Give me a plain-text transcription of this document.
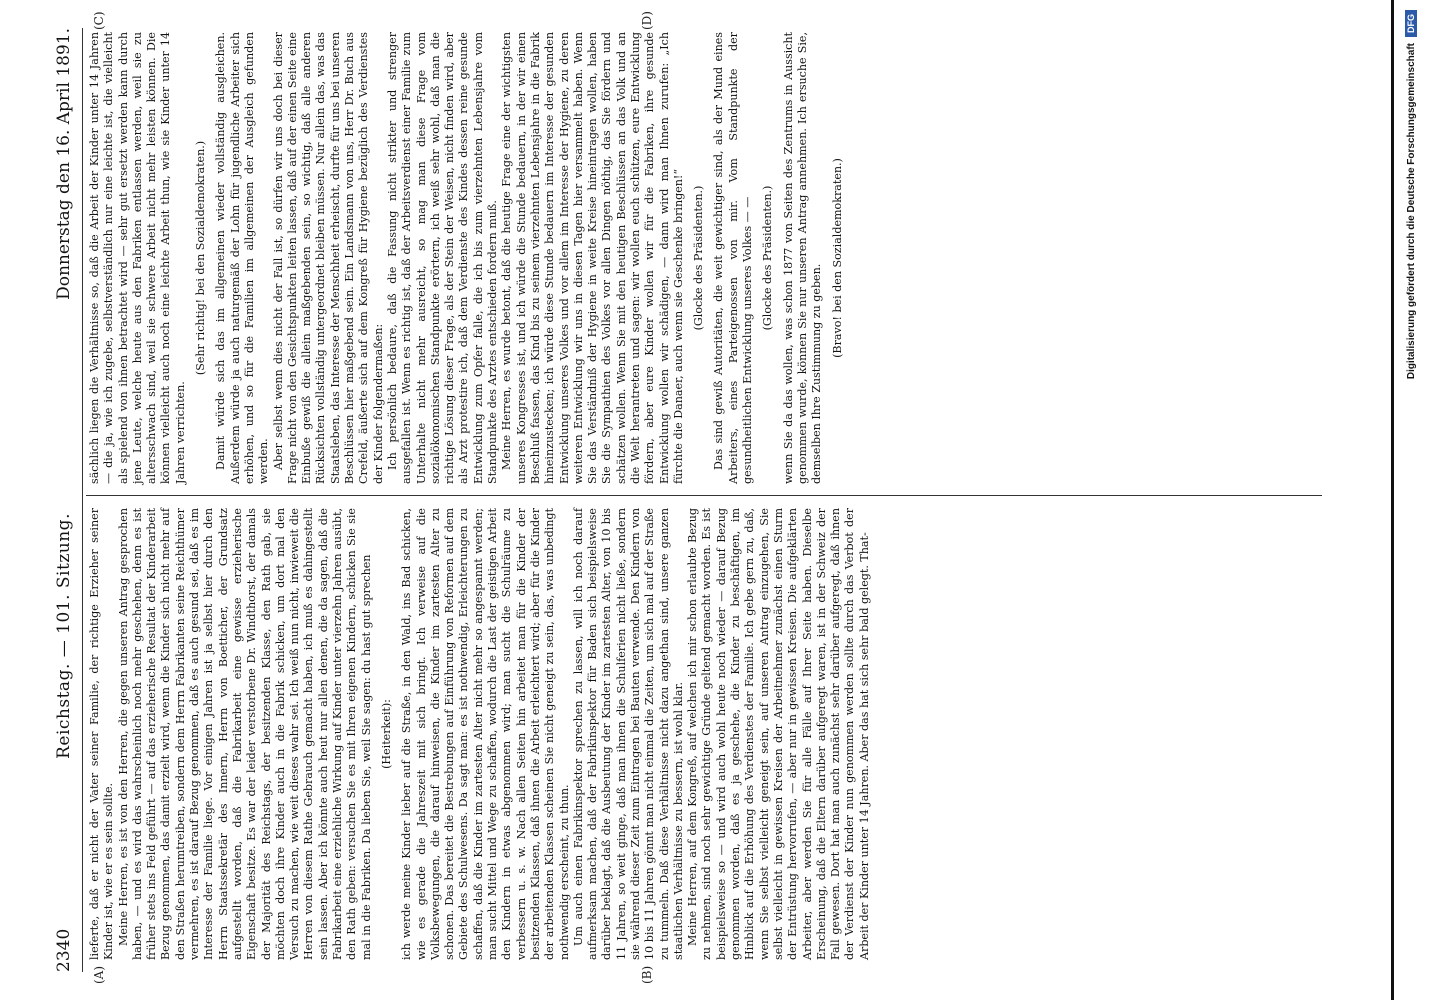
2340
Reichstag. — 101. Sitzung.
Donnerstag den 16. April 1891.
(A)	(B)
(C)	(D)

lieferte, daß er nicht der Vater seiner Familie, der richtige Erzieher seiner Kinder ist, wie er es sein sollte. Meine Herren, es ist von den Herren, die gegen unseren Antrag gesprochen haben, — und es wird das wahrscheinlich noch mehr geschehen, denn es ist früher stets ins Feld geführt — auf das erzieherische Resultat der Kinderarbeit Bezug genommen, das damit erzielt wird, wenn die Kinder sich nicht mehr auf den Straßen herumtreiben, sondern dem Herrn Fabrikanten seine Reichthümer vermehren, es ist darauf Bezug genommen, daß es auch gesund sei, daß es im Interesse der Familie liege. Vor einigen Jahren ist ja selbst hier durch den Herrn Staatssekretär des Innern, Herrn von Boetticher, der Grundsatz aufgestellt worden, daß die Fabrikarbeit eine gewisse erzieherische Eigenschaft besitze. Es war der leider verstorbene Dr. Windthorst, der damals der Majorität des Reichstags, der besitzenden Klasse, den Rath gab, sie möchten doch ihre Kinder auch in die Fabrik schicken, um dort mal den Versuch zu machen, wie weit dieses wahr sei. Ich weiß nun nicht, inwieweit die Herren von diesem Rathe Gebrauch gemacht haben, ich muß es dahingestellt sein lassen. Aber ich könnte auch heut nur allen denen, die da sagen, daß die Fabrikarbeit eine erziehliche Wirkung auf Kinder unter vierzehn Jahren ausübt, den Rath geben: versuchen Sie es mit Ihren eigenen Kindern, schicken Sie sie mal in die Fabriken. Da lieben Sie, weil Sie sagen: du hast gut sprechen (Heiterkeit): ich werde meine Kinder lieber auf die Straße, in den Wald, ins Bad schicken, wie es gerade die Jahreszeit mit sich bringt. Ich verweise auf die Volksbewegungen, die darauf hinweisen, die Kinder im zartesten Alter zu schonen. Das bereitet die Bestrebungen auf Einführung von Reformen auf dem Gebiete des Schulwesens. Da sagt man: es ist nothwendig, Erleichterungen zu schaffen, daß die Kinder im zartesten Alter nicht mehr so angespannt werden; man sucht Mittel und Wege zu schaffen, wodurch die Last der geistigen Arbeit den Kindern in etwas abgenommen wird; man sucht die Schulräume zu verbessern u. s. w. Nach allen Seiten hin arbeitet man für die Kinder der besitzenden Klassen, daß ihnen die Arbeit erleichtert wird; aber für die Kinder der arbeitenden Klassen scheinen Sie nicht geneigt zu sein, das, was unbedingt nothwendig erscheint, zu thun. Um auch einen Fabrikinspektor sprechen zu lassen, will ich noch darauf aufmerksam machen, daß der Fabrikinspektor für Baden sich beispielsweise darüber beklagt, daß die Ausbeutung der Kinder im zartesten Alter, von 10 bis 11 Jahren, so weit ginge, daß man ihnen die Schulferien nicht ließe, sondern sie während dieser Zeit zum Eintragen bei Bauten verwende. Den Kindern von 10 bis 11 Jahren gönnt man nicht einmal die Zeiten, um sich mal auf der Straße zu tummeln. Daß diese Verhältnisse nicht dazu angethan sind, unsere ganzen staatlichen Verhältnisse zu bessern, ist wohl klar. Meine Herren, auf dem Kongreß, auf welchen ich mir schon erlaubte Bezug zu nehmen, sind noch sehr gewichtige Gründe geltend gemacht worden. Es ist beispielsweise so — und wird auch wohl heute noch wieder — darauf Bezug genommen worden, daß es ja geschehe, die Kinder zu beschäftigen, im Hinblick auf die Erhöhung des Verdienstes der Familie. Ich gebe gern zu, daß, wenn Sie selbst vielleicht geneigt sein, auf unseren Antrag einzugehen, Sie selbst vielleicht in gewissen Kreisen der Arbeitnehmer zunächst einen Sturm der Entrüstung hervorrufen, — aber nur in gewissen Kreisen. Die aufgeklärten Arbeiter, aber werden Sie für alle Fälle auf Ihrer Seite haben. Dieselbe Erscheinung, daß die Eltern darüber aufgeregt waren, ist in der Schweiz der Fall gewesen. Dort hat man auch zunächst sehr darüber aufgeregt, daß ihnen der Verdienst der Kinder nun genommen werden sollte durch das Verbot der Arbeit der Kinder unter 14 Jahren. Aber das hat sich sehr bald gelegt. That-

sächlich liegen die Verhältnisse so, daß die Arbeit der Kinder unter 14 Jahren — die ja, wie ich zugebe, selbstverständlich nur eine leichte ist, die vielleicht als spielend von ihnen betrachtet wird — sehr gut ersetzt werden kann durch jene Leute, welche heute aus den Fabriken entlassen werden, weil sie zu altersschwach sind, weil sie schwere Arbeit nicht mehr leisten können. Die können vielleicht auch noch eine leichte Arbeit thun, wie sie Kinder unter 14 Jahren verrichten.

(Sehr richtig! bei den Sozialdemokraten.) Damit würde sich das im allgemeinen wieder vollständig ausgleichen. Außerdem würde ja auch naturgemäß der Lohn für jugendliche Arbeiter sich erhöhen, und so für die Familien im allgemeinen der Ausgleich gefunden werden. Aber selbst wenn dies nicht der Fall ist, so dürfen wir uns doch bei dieser Frage nicht von den Gesichtspunkten leiten lassen, daß auf der einen Seite eine Einbuße gewiß die allein maßgebenden sein, so wichtig, daß alle anderen Rücksichten vollständig untergeordnet bleiben müssen. Nur allein das, was das Staatsleben, das Interesse der Menschheit erheischt, durfte für uns bei unseren Beschlüssen hier maßgebend sein. Ein Landsmann von uns, Herr Dr. Buch aus Crefeld, äußerte sich auf dem Kongreß für Hygiene bezüglich des Verdienstes der Kinder folgendermaßen: Ich persönlich bedaure, daß die Fassung nicht strikter und strenger ausgefallen ist. Wenn es richtig ist, daß der Arbeitsverdienst einer Familie zum Unterhalte nicht mehr ausreicht, so mag man diese Frage vom sozialökonomischen Standpunkte erörtern, ich weiß sehr wohl, daß man die richtige Lösung dieser Frage, als der Stein der Weisen, nicht finden wird, aber als Arzt protestire ich, daß dem Verdienste des Kindes dessen reine gesunde Entwicklung zum Opfer falle, die ich bis zum vierzehnten Lebensjahre vom Standpunkte des Arztes entschieden fordern muß. Meine Herren, es wurde betont, daß die heutige Frage eine der wichtigsten unseres Kongresses ist, und ich würde die Stunde bedauern, in der wir einen Beschluß fassen, das Kind bis zu seinem vierzehnten Lebensjahre in die Fabrik hineinzustecken; ich würde diese Stunde bedauern im Interesse der gesunden Entwicklung unseres Volkes und vor allem im Interesse der Hygiene, zu deren weiteren Entwicklung wir uns in diesen Tagen hier versammelt haben. Wenn Sie das Verständniß der Hygiene in weite Kreise hineintragen wollen, haben Sie die Sympathien des Volkes vor allen Dingen nöthig, das Sie fördern und schätzen wollen. Wenn Sie mit den heutigen Beschlüssen an das Volk und an die Welt herantreten und sagen: wir wollen euch schützen, eure Entwicklung fördern, aber eure Kinder wollen wir für die Fabriken, ihre gesunde Entwicklung wollen wir schädigen, — dann wird man Ihnen zurufen: „Ich fürchte die Danaer, auch wenn sie Geschenke bringen!“ (Glocke des Präsidenten.) Das sind gewiß Autoritäten, die weit gewichtiger sind, als der Mund eines Arbeiters, eines Parteigenossen von mir. Vom Standpunkte der gesundheitlichen Entwicklung unseres Volkes — — (Glocke des Präsidenten.) wenn Sie da das wollen, was schon 1877 von Seiten des Zentrums in Aussicht genommen wurde, können Sie nur unseren Antrag annehmen. Ich ersuche Sie, demselben Ihre Zustimmung zu geben.

(Bravo! bei den Sozialdemokraten.)	Digitalisierung gefördert durch die Deutsche Forschungsgemeinschaft
DFG
